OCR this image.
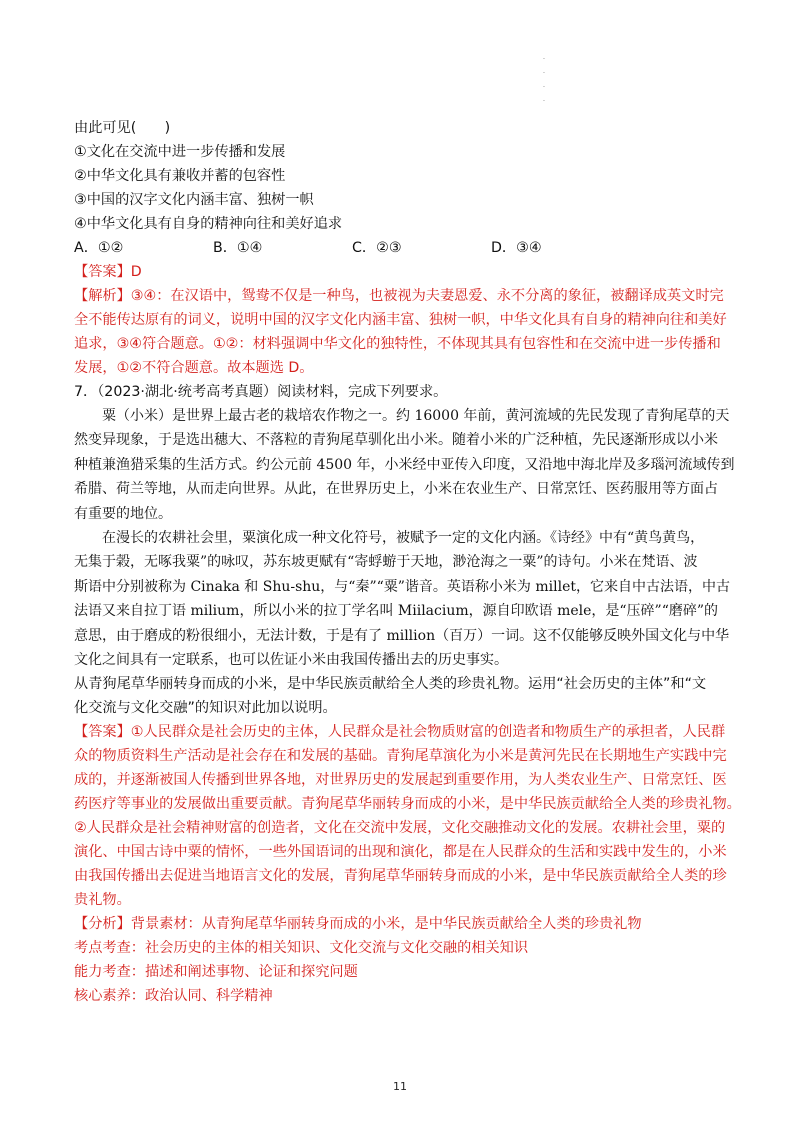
·
·
·
·
由此可见(　　)
①文化在交流中进一步传播和发展
②中华文化具有兼收并蓄的包容性
③中国的汉字文化内涵丰富、独树一帜
④中华文化具有自身的精神向往和美好追求
A．①②	B．①④	C．②③	D．③④
【答案】D
【解析】③④：在汉语中，鸳鸯不仅是一种鸟，也被视为夫妻恩爱、永不分离的象征，被翻译成英文时完
全不能传达原有的词义，说明中国的汉字文化内涵丰富、独树一帜，中华文化具有自身的精神向往和美好
追求，③④符合题意。①②：材料强调中华文化的独特性，不体现其具有包容性和在交流中进一步传播和
发展，①②不符合题意。故本题选 D。
7．（2023·湖北·统考高考真题）阅读材料，完成下列要求。
粟（小米）是世界上最古老的栽培农作物之一。约 16000 年前，黄河流域的先民发现了青狗尾草的天
然变异现象，于是选出穗大、不落粒的青狗尾草驯化出小米。随着小米的广泛种植，先民逐渐形成以小米
种植兼渔猎采集的生活方式。约公元前 4500 年，小米经中亚传入印度，又沿地中海北岸及多瑙河流域传到
希腊、荷兰等地，从而走向世界。从此，在世界历史上，小米在农业生产、日常烹饪、医药服用等方面占
有重要的地位。
在漫长的农耕社会里，粟演化成一种文化符号，被赋予一定的文化内涵。《诗经》中有“黄鸟黄鸟，
无集于榖，无啄我粟”的咏叹，苏东坡更赋有“寄蜉蝣于天地，渺沧海之一粟”的诗句。小米在梵语、波
斯语中分别被称为 Cinaka 和 Shu-shu，与“秦”“粟”谐音。英语称小米为 millet，它来自中古法语，中古
法语又来自拉丁语 milium，所以小米的拉丁学名叫 Miilacium，源自印欧语 mele，是“压碎”“磨碎”的
意思，由于磨成的粉很细小，无法计数，于是有了 million（百万）一词。这不仅能够反映外国文化与中华
文化之间具有一定联系，也可以佐证小米由我国传播出去的历史事实。
从青狗尾草华丽转身而成的小米，是中华民族贡献给全人类的珍贵礼物。运用“社会历史的主体”和“文
化交流与文化交融”的知识对此加以说明。
【答案】①人民群众是社会历史的主体，人民群众是社会物质财富的创造者和物质生产的承担者，人民群
众的物质资料生产活动是社会存在和发展的基础。青狗尾草演化为小米是黄河先民在长期地生产实践中完
成的，并逐渐被国人传播到世界各地，对世界历史的发展起到重要作用，为人类农业生产、日常烹饪、医
药医疗等事业的发展做出重要贡献。青狗尾草华丽转身而成的小米，是中华民族贡献给全人类的珍贵礼物。
②人民群众是社会精神财富的创造者，文化在交流中发展，文化交融推动文化的发展。农耕社会里，粟的
演化、中国古诗中粟的情怀，一些外国语词的出现和演化，都是在人民群众的生活和实践中发生的，小米
由我国传播出去促进当地语言文化的发展，青狗尾草华丽转身而成的小米，是中华民族贡献给全人类的珍
贵礼物。
【分析】背景素材：从青狗尾草华丽转身而成的小米，是中华民族贡献给全人类的珍贵礼物
考点考查：社会历史的主体的相关知识、文化交流与文化交融的相关知识
能力考查：描述和阐述事物、论证和探究问题
核心素养：政治认同、科学精神
11
